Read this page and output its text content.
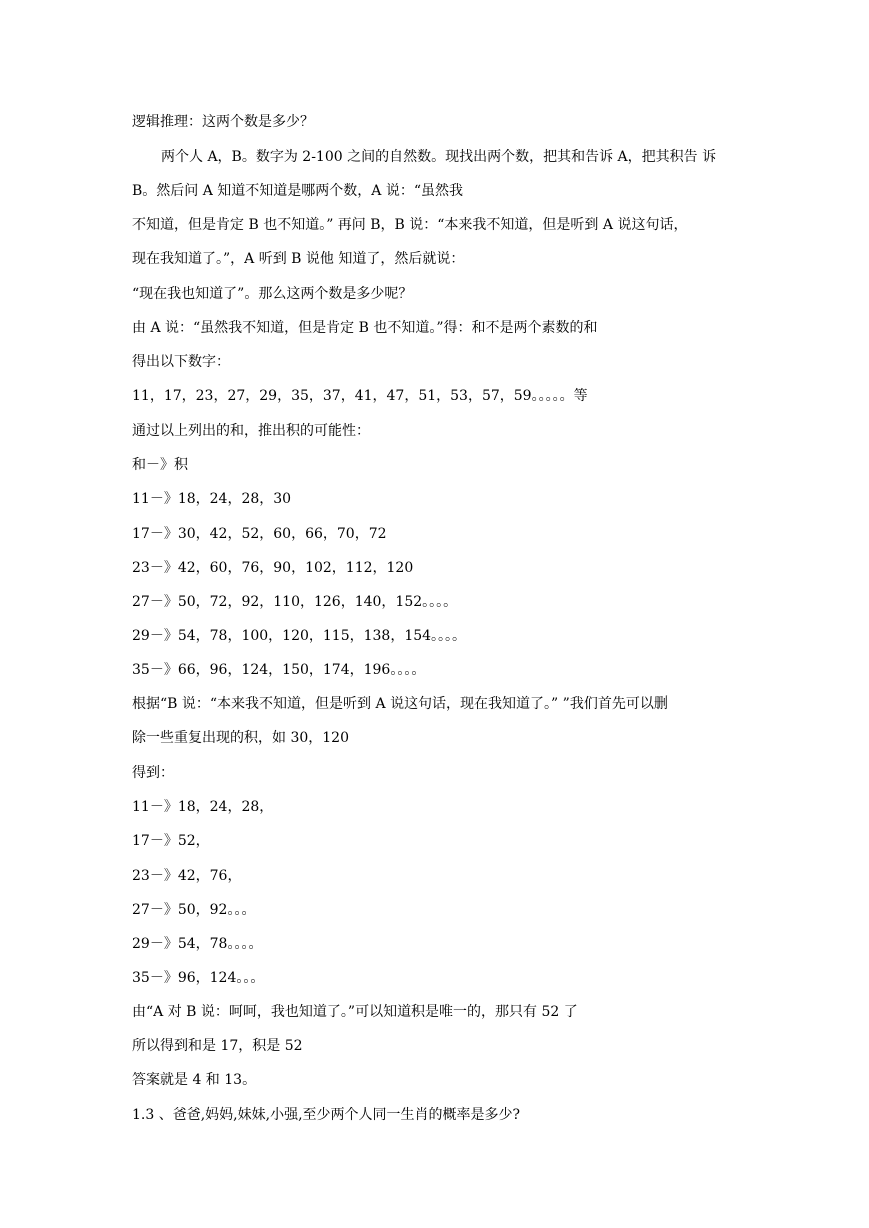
逻辑推理：这两个数是多少？
两个人 A，B。数字为 2-100 之间的自然数。现找出两个数，把其和告诉 A，把其积告 诉
B。然后问 A 知道不知道是哪两个数，A 说：“虽然我
不知道，但是肯定 B 也不知道。” 再问 B，B 说：“本来我不知道，但是听到 A 说这句话，
现在我知道了。”，A 听到 B 说他 知道了，然后就说：
“现在我也知道了”。那么这两个数是多少呢？
由 A 说：“虽然我不知道，但是肯定 B 也不知道。”得：和不是两个素数的和
得出以下数字：
11，17，23，27，29，35，37，41，47，51，53，57，59。。。。。等
通过以上列出的和，推出积的可能性：
和－》积
11－》18，24，28，30
17－》30，42，52，60，66，70，72
23－》42，60，76，90，102，112，120
27－》50，72，92，110，126，140，152。。。。
29－》54，78，100，120，115，138，154。。。。
35－》66，96，124，150，174，196。。。。
根据“B 说：“本来我不知道，但是听到 A 说这句话，现在我知道了。” ”我们首先可以删
除一些重复出现的积，如 30，120
得到：
11－》18，24，28，
17－》52，
23－》42，76，
27－》50，92。。。
29－》54，78。。。。
35－》96，124。。。
由“A 对 B 说：呵呵，我也知道了。”可以知道积是唯一的，那只有 52 了
所以得到和是 17，积是 52
答案就是 4 和 13。
1.3 、爸爸,妈妈,妹妹,小强,至少两个人同一生肖的概率是多少?
